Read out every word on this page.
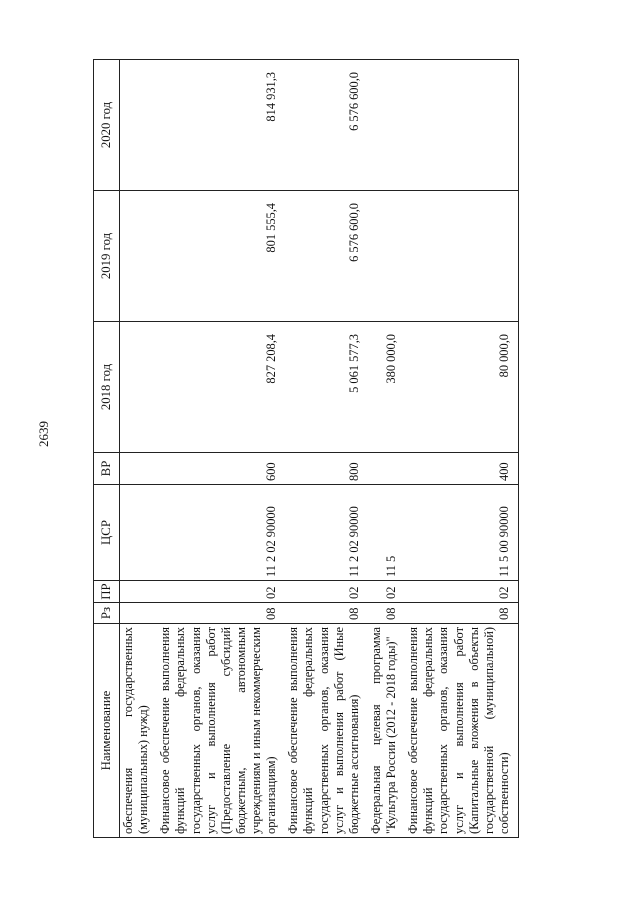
2639
Наименование	Рз	ПР	ЦСР	ВР	2018 год	2019 год	2020 год
обеспечения государственных (муниципальных) нужд)							
Финансовое обеспечение выполнения функций федеральных государственных органов, оказания услуг и выполнения работ (Предоставление субсидий бюджетным, автономным учреждениям и иным некоммерческим организациям)	08	02	11 2 02 90000	600	827 208,4	801 555,4	814 931,3
Финансовое обеспечение выполнения функций федеральных государственных органов, оказания услуг и выполнения работ (Иные бюджетные ассигнования)	08	02	11 2 02 90000	800	5 061 577,3	6 576 600,0	6 576 600,0
Федеральная целевая программа "Культура России (2012 - 2018 годы)"	08	02	11 5		380 000,0		
Финансовое обеспечение выполнения функций федеральных государственных органов, оказания услуг и выполнения работ (Капитальные вложения в объекты государственной (муниципальной) собственности)	08	02	11 5 00 90000	400	80 000,0		
